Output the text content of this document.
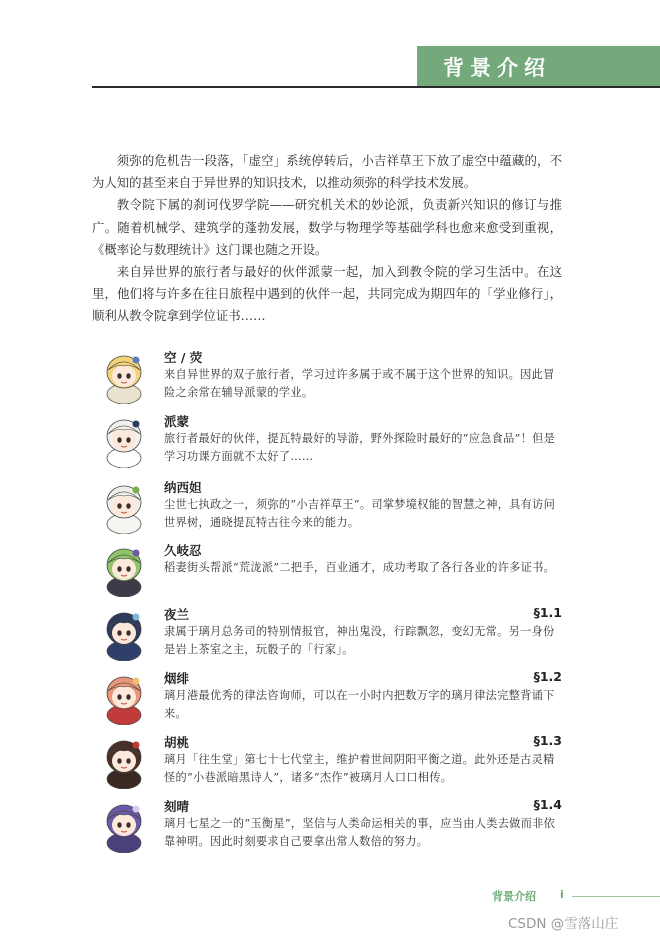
背景介绍

须弥的危机告一段落，「虚空」系统停转后，小吉祥草王下放了虚空中蕴藏的，不为人知的甚至来自于异世界的知识技术，以推动须弥的科学技术发展。

教令院下属的刹诃伐罗学院——研究机关术的妙论派，负责新兴知识的修订与推广。随着机械学、建筑学的蓬勃发展，数学与物理学等基础学科也愈来愈受到重视，《概率论与数理统计》这门课也随之开设。

来自异世界的旅行者与最好的伙伴派蒙一起，加入到教令院的学习生活中。在这里，他们将与许多在往日旅程中遇到的伙伴一起，共同完成为期四年的「学业修行」，顺利从教令院拿到学位证书……

空 / 荧
来自异世界的双子旅行者，学习过许多属于或不属于这个世界的知识。因此冒险之余常在辅导派蒙的学业。
派蒙
旅行者最好的伙伴，提瓦特最好的导游，野外探险时最好的“应急食品”！但是学习功课方面就不太好了……
纳西妲
尘世七执政之一，须弥的“小吉祥草王”。司掌梦境权能的智慧之神，具有访问世界树，通晓提瓦特古往今来的能力。
久岐忍
稻妻街头帮派“荒泷派”二把手，百业通才，成功考取了各行各业的许多证书。
夜兰	§1.1
隶属于璃月总务司的特别情报官，神出鬼没，行踪飘忽，变幻无常。另一身份是岩上茶室之主，玩骰子的「行家」。
烟绯	§1.2
璃月港最优秀的律法咨询师，可以在一小时内把数万字的璃月律法完整背诵下来。
胡桃	§1.3
璃月「往生堂」第七十七代堂主，维护着世间阴阳平衡之道。此外还是古灵精怪的“小巷派暗黑诗人”，诸多“杰作”被璃月人口口相传。
刻晴	§1.4
璃月七星之一的“玉衡星”，坚信与人类命运相关的事，应当由人类去做而非依靠神明。因此时刻要求自己要拿出常人数倍的努力。
背景介绍 i
CSDN @雪落山庄
